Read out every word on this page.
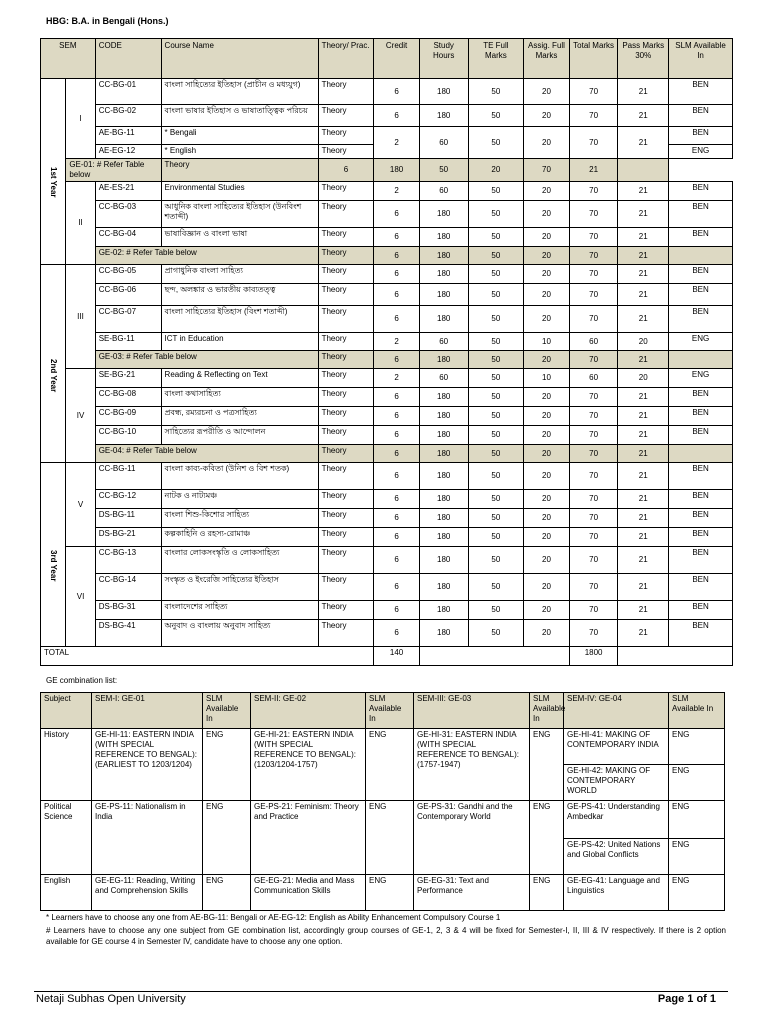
HBG: B.A. in Bengali (Hons.)
SEM		CODE	Course Name	Theory/ Prac.	Credit	Study Hours	TE Full Marks	Assig. Full Marks	Total Marks	Pass Marks 30%	SLM Available In

1st Year	I	CC-BG-01	বাংলা সাহিত্যের ইতিহাস (প্রাচীন ও মধ্যযুগ)	Theory	6	180	50	20	70	21	BEN
		CC-BG-02	বাংলা ভাষার ইতিহাস ও ভাষাতাত্ত্বিক পরিচয়	Theory	6	180	50	20	70	21	BEN
		AE-BG-11	* Bengali	Theory	2	60	50	20	70	21	BEN
		AE-EG-12	* English	Theory							ENG
	GE-01: # Refer Table below		Theory	6	180	50	20	70	21		
	II	AE-ES-21	Environmental Studies	Theory	2	60	50	20	70	21	BEN
		CC-BG-03	আধুনিক বাংলা সাহিত্যের ইতিহাস (উনবিংশ শতাব্দী)	Theory	6	180	50	20	70	21	BEN
		CC-BG-04	ভাষাবিজ্ঞান ও বাংলা ভাষা	Theory	6	180	50	20	70	21	BEN
		GE-02: # Refer Table below		Theory	6	180	50	20	70	21	

2nd Year	III	CC-BG-05	প্রাগাধুনিক বাংলা সাহিত্য	Theory	6	180	50	20	70	21	BEN
		CC-BG-06	ছন্দ, অলঙ্কার ও ভারতীয় কাব্যতত্ত্ব	Theory	6	180	50	20	70	21	BEN
		CC-BG-07	বাংলা সাহিত্যের ইতিহাস (বিংশ শতাব্দী)	Theory	6	180	50	20	70	21	BEN
		SE-BG-11	ICT in Education	Theory	2	60	50	10	60	20	ENG
		GE-03: # Refer Table below		Theory	6	180	50	20	70	21	
	IV	SE-BG-21	Reading & Reflecting on Text	Theory	2	60	50	10	60	20	ENG
		CC-BG-08	বাংলা কথাসাহিত্য	Theory	6	180	50	20	70	21	BEN
		CC-BG-09	প্রবন্ধ, রম্যরচনা ও পত্রসাহিত্য	Theory	6	180	50	20	70	21	BEN
		CC-BG-10	সাহিত্যের রূপরীতি ও আন্দোলন	Theory	6	180	50	20	70	21	BEN
		GE-04: # Refer Table below		Theory	6	180	50	20	70	21	

3rd Year	V	CC-BG-11	বাংলা কাব্য-কবিতা (উনিশ ও বিশ শতক)	Theory	6	180	50	20	70	21	BEN
		CC-BG-12	নাটক ও নাট্যমঞ্চ	Theory	6	180	50	20	70	21	BEN
		DS-BG-11	বাংলা শিশু-কিশোর সাহিত্য	Theory	6	180	50	20	70	21	BEN
		DS-BG-21	কল্পকাহিনি ও রহস্য-রোমাঞ্চ	Theory	6	180	50	20	70	21	BEN
	VI	CC-BG-13	বাংলার লোকসংস্কৃতি ও লোকসাহিত্য	Theory	6	180	50	20	70	21	BEN
		CC-BG-14	সংস্কৃত ও ইংরেজি সাহিত্যের ইতিহাস	Theory	6	180	50	20	70	21	BEN
		DS-BG-31	বাংলাদেশের সাহিত্য	Theory	6	180	50	20	70	21	BEN
		DS-BG-41	অনুবাদ ও বাংলায় অনুবাদ সাহিত্য	Theory	6	180	50	20	70	21	BEN
TOTAL					140				1800		
GE combination list:
Subject	SEM-I: GE-01	SLM Available In	SEM-II: GE-02	SLM Available In	SEM-III: GE-03	SLM Available In	SEM-IV: GE-04	SLM Available In
History	GE-HI-11: EASTERN INDIA (WITH SPECIAL REFERENCE TO BENGAL): (EARLIEST TO 1203/1204)	ENG	GE-HI-21: EASTERN INDIA (WITH SPECIAL REFERENCE TO BENGAL): (1203/1204-1757)	ENG	GE-HI-31: EASTERN INDIA (WITH SPECIAL REFERENCE TO BENGAL): (1757-1947)	ENG	GE-HI-41: MAKING OF CONTEMPORARY INDIA	ENG
							GE-HI-42: MAKING OF CONTEMPORARY WORLD	ENG
Political Science	GE-PS-11: Nationalism in India	ENG	GE-PS-21: Feminism: Theory and Practice	ENG	GE-PS-31: Gandhi and the Contemporary World	ENG	GE-PS-41: Understanding Ambedkar	ENG
							GE-PS-42: United Nations and Global Conflicts	ENG
English	GE-EG-11: Reading, Writing and Comprehension Skills	ENG	GE-EG-21: Media and Mass Communication Skills	ENG	GE-EG-31: Text and Performance	ENG	GE-EG-41: Language and Linguistics	ENG
* Learners have to choose any one from AE-BG-11: Bengali or AE-EG-12: English as Ability Enhancement Compulsory Course 1
# Learners have to choose any one subject from GE combination list, accordingly group courses of GE-1, 2, 3 & 4 will be fixed for Semester-I, II, III & IV respectively. If there is 2 option available for GE course 4 in Semester IV, candidate have to choose any one option.
Netaji Subhas Open University	Page 1 of 1
